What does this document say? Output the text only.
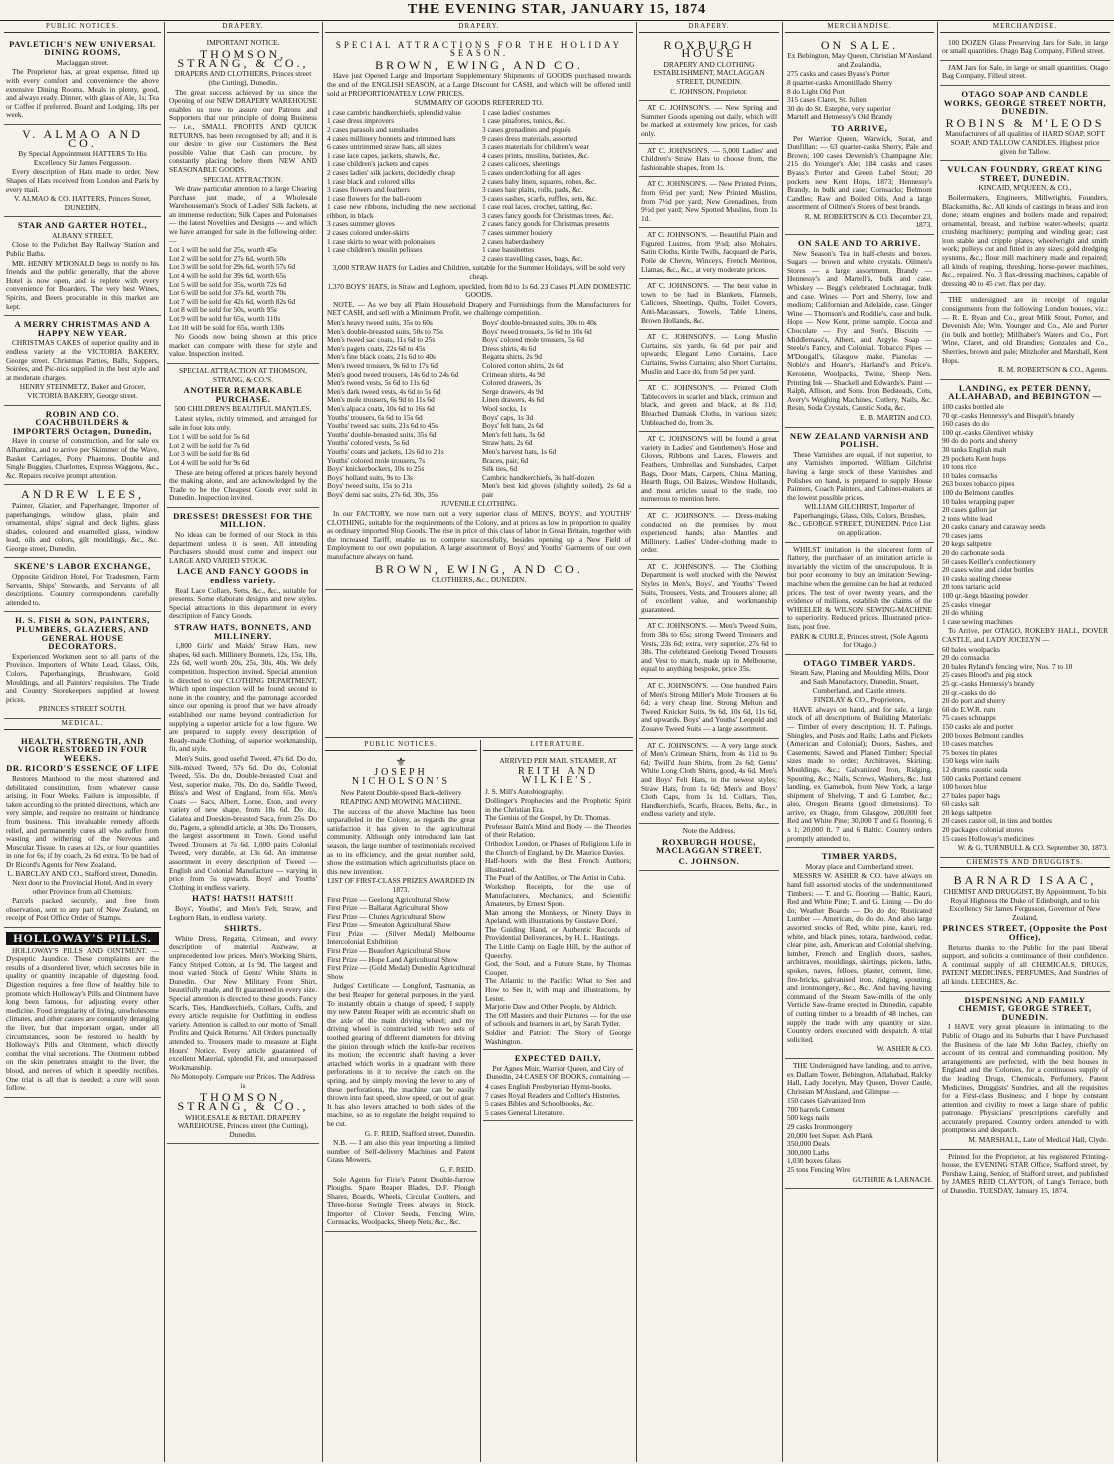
THE EVENING STAR, JANUARY 15, 1874
PUBLIC NOTICES.
PAVLETICH'S NEW UNIVERSAL DINING ROOMS,

Maclaggan street.

The Proprietor has, at great expense, fitted up with every comfort and convenience the above extensive Dining Rooms. Meals in plenty, good, and always ready. Dinner, with glass of Ale, 1s; Tea or Coffee if preferred. Board and Lodging, 18s per week.

V. ALMAO AND CO.

By Special Appointment HATTERS To His Excellency Sir James Fergusson.

Every description of Hats made to order. New Shapes of Hats received from London and Paris by every mail.

V. ALMAO & CO. HATTERS, Princes Street, DUNEDIN.

STAR AND GARTER HOTEL,

ALBANY STREET,

Close to the Polichet Bay Railway Station and Public Baths.

MR. HENRY M'DONALD begs to notify to his friends and the public generally, that the above Hotel is now open, and is replete with every convenience for Boarders. The very best Wines, Spirits, and Beers procurable in this market are kept.

A MERRY CHRISTMAS AND A HAPPY NEW YEAR.

CHRISTMAS CAKES of superior quality and in endless variety at the VICTORIA BAKERY, George street. Christmas Parties, Balls, Suppers, Soirées, and Pic-nics supplied in the best style and at moderate charges.

HENRY STEINMETZ, Baker and Grocer, VICTORIA BAKERY, George street.

ROBIN AND CO. COACHBUILDERS & IMPORTERS Octagon, Dunedin,

Have in course of construction, and for sale ex Alhambra, and to arrive per Skimmer of the Wave, Basket Carriages, Pony Phaetons, Double and Single Buggies, Charlottes, Express Waggons, &c., &c. Repairs receive prompt attention.

ANDREW LEES,

Painter, Glazier, and Paperhanger, Importer of paperhangings, window glass, plain and ornamental, ships' signal and deck lights, glass shades, coloured and enamelled glass, window lead, oils and colors, gilt mouldings, &c., &c. George street, Dunedin.

SKENE'S LABOR EXCHANGE,

Opposite Gridiron Hotel, For Tradesmen, Farm Servants, Ships' Stewards, and Servants of all descriptions. Country correspondents carefully attended to.

H. S. FISH & SON, PAINTERS, PLUMBERS, GLAZIERS, AND GENERAL HOUSE DECORATORS.

Experienced Workmen sent to all parts of the Province. Importers of White Lead, Glass, Oils, Colors, Paperhangings, Brushware, Gold Mouldings, and all Painters' requisites. The Trade and Country Storekeepers supplied at lowest prices.

PRINCES STREET SOUTH.

MEDICAL.
HEALTH, STRENGTH, AND VIGOR RESTORED IN FOUR WEEKS.
DR. RICORD'S ESSENCE OF LIFE

Restores Manhood to the most shattered and debilitated constitution, from whatever cause arising, in Four Weeks. Failure is impossible, if taken according to the printed directions, which are very simple, and require no restraint or hindrance from business. This invaluable remedy affords relief, and permanently cures all who suffer from wasting and withering of the Nervous and Muscular Tissue. In cases at 12s, or four quantities in one for 6s; if by coach, 2s 6d extra. To be had of Dr Ricord's Agents for New Zealand,

L. BARCLAY AND CO., Stafford street, Dunedin. Next door to the Provincial Hotel, And in every other Province from all Chemists.

Parcels packed securely, and free from observation, sent to any part of New Zealand, on receipt of Post Office Order of Stamps.

HOLLOWAY'S PILLS.

HOLLOWAY'S PILLS AND OINTMENT. — Dyspeptic Jaundice. These complaints are the results of a disordered liver, which secretes bile in quality or quantity incapable of digesting food. Digestion requires a free flow of healthy bile to promote which Holloway's Pills and Ointment have long been famous, for adjusting every other medicine. Food irregularity of living, unwholesome climates, and other causes are constantly deranging the liver, but that important organ, under all circumstances, soon be restored to health by Holloway's Pills and Ointment, which directly combat the vital secretions. The Ointment rubbed on the skin penetrates straight to the liver, the blood, and nerves of which it speedily rectifies. One trial is all that is needed; a cure will soon follow.

DRAPERY.

IMPORTANT NOTICE.

THOMSON, STRANG, & CO.,

DRAPERS AND CLOTHIERS, Princes street (the Cutting), Dunedin.

The great success achieved by us since the Opening of our NEW DRAPERY WAREHOUSE enables us now to assure our Patrons and Supporters that our principle of doing Business — i.e., SMALL PROFITS AND QUICK RETURNS, has been recognised by all; and it is our desire to give our Customers the Best possible Value that Cash can procure, by constantly placing before them NEW AND SEASONABLE GOODS.

SPECIAL ATTRACTION.

We draw particular attention to a large Clearing Purchase just made, of a Wholesale Warehouseman's Stock of Ladies' Silk Jackets, at an immense reduction; Silk Capes and Polonaises — the latest Novelties and Designs — and which we have arranged for sale in the following order: —

Lot 1 will be sold for 25s, worth 45s

Lot 2 will be sold for 27s 6d, worth 50s

Lot 3 will be sold for 29s 6d, worth 57s 6d

Lot 4 will be sold for 39s 6d, worth 65s

Lot 5 will be sold for 35s, worth 72s 6d

Lot 6 will be sold for 37s 6d, worth 70s

Lot 7 will be sold for 42s 6d, worth 82s 6d

Lot 8 will be sold for 50s, worth 95s

Lot 9 will be sold for 65s, worth 110s

Lot 10 will be sold for 65s, worth 130s

No Goods now being shown at this price market can compare with these for style and value. Inspection invited.

SPECIAL ATTRACTION AT THOMSON, STRANG, & CO.'S.

ANOTHER REMARKABLE PURCHASE.

500 CHILDREN'S BEAUTIFUL MANTLES,

Latest styles, richly trimmed, and arranged for sale in four lots only.

Lot 1 will be sold for 5s 6d

Lot 2 will be sold for 7s 6d

Lot 3 will be sold for 8s 6d

Lot 4 will be sold for 9s 6d

These are being offered at prices barely beyond the making alone, and are acknowledged by the Trade to be the Cheapest Goods ever sold in Dunedin. Inspection invited.

DRESSES! DRESSES! FOR THE MILLION.

No ideas can be formed of our Stock in this department unless it is seen. All intending Purchasers should most come and inspect our LARGE AND VARIED STOCK.

LACE AND FANCY GOODS in endless variety.

Real Lace Collars, Setts, &c., &c., suitable for presents. Some elaborate designs and new styles. Special attractions in this department in every description of Fancy Goods.

STRAW HATS, BONNETS, AND MILLINERY.

1,800 Girls' and Maids' Straw Hats, new shapes, 6d each. Millinery Bonnets, 12s, 15s, 18s, 22s 6d, well worth 20s, 25s, 30s, 40s. We defy competition. Inspection invited. Special attention is directed to our CLOTHING DEPARTMENT, Which upon inspection will be found second to none in the country, and the patronage accorded since our opening is proof that we have already established our name beyond contradiction for supplying a superior article for a low figure. We are prepared to supply every description of Ready-made Clothing, of superior workmanship, fit, and style.

Men's Suits, good useful Tweed, 47s 6d. Do do, Silk-mixed Tweed, 57s 6d. Do do, Colonial Tweed, 55s. Do do, Double-breasted Coat and Vest, superior make, 70s. Do do, Saddle Tweed, Bliss's and West of England, from 65s. Men's Coats — Sacs, Albert, Lorne, Eton, and every variety of new shape, from 10s 6d. Do do, Galatea and Doeskin-breasted Saca, from 25s. Do do, Pagets, a splendid article, at 30s. Do Trousers, the largest assortment in Town. Good useful Tweed Trousers at 7s 6d. 1,000 pairs Colonial Tweed, very durable, at 13s 6d. An immense assortment in every description of Tweed — English and Colonial Manufacture — varying in price from 5s upwards. Boys' and Youths' Clothing in endless variety.

HATS! HATS!! HATS!!!

Boys', Youths', and Men's Felt, Straw, and Leghorn Hats, in endless variety.

SHIRTS.

White Dress, Regatta, Crimean, and every description of material Anzwaw, at unprecedented low prices. Men's Working Shirts, Fancy Striped Cotton, at 1s 9d. The largest and most varied Stock of Gents' White Shirts in Dunedin. Our New Military Front Shirt, beautifully made, and fit guaranteed in every size. Special attention is directed to these goods. Fancy Scarfs, Ties, Handkerchiefs, Collars, Cuffs, and every article requisite for Outfitting in endless variety. Attention is called to our motto of 'Small Profits and Quick Returns.' All Orders punctually attended to. Trousers made to measure at Eight Hours' Notice. Every article guaranteed of excellent Material, splendid Fit, and unsurpassed Workmanship.

No Monopoly. Compare our Prices. The Address is

THOMSON, STRANG, & CO.,

WHOLESALE & RETAIL DRAPERY WAREHOUSE, Princes street (the Cutting), Dunedin.

DRAPERY.
SPECIAL ATTRACTIONS FOR THE HOLIDAY SEASON.
BROWN, EWING, AND CO.

Have just Opened Large and Important Supplementary Shipments of GOODS purchased towards the end of the ENGLISH SEASON, at a Large Discount for CASH, and which will be offered until sold at PROPORTIONATELY LOW PRICES.

SUMMARY OF GOODS REFERRED TO.

1 case cambric handkerchiefs, splendid value

1 case dress improvers

2 cases parasols and sunshades

4 cases millinery bonnets and trimmed hats

6 cases untrimmed straw hats, all sizes

1 case lace capes, jackets, shawls, &c.

1 case children's jackets and capes

2 cases ladies' silk jackets, decidedly cheap

1 case black and colored silks

3 cases flowers and feathers

1 case flowers for the ball-room

1 case new ribbons, including the new sectional ribbon, in black

3 cases summer gloves

2 cases colored under-skirts

1 case skirts to wear with polonaises

1 case children's muslin pelisses

1 case ladies' costumes

1 case pinafores, tunics, &c.

3 cases grenadines and piqués

9 cases dress materials, assorted

3 cases materials for children's wear

4 cases prints, muslins, batistes, &c.

2 cases calicoes, sheetings

5 cases underclothing for all ages

2 cases baby linen, squares, robes, &c.

3 cases hair plaits, rolls, pads, &c.

3 cases sashes, scarfs, ruffles, sets, &c.

1 case real laces, crochet, tatting, &c.

3 cases fancy goods for Christmas trees, &c.

2 cases fancy goods for Christmas presents

7 cases summer hosiery

2 cases haberdashery

1 case bassinettes

2 cases travelling cases, bags, &c.

3,000 STRAW HATS for Ladies and Children, suitable for the Summer Holidays, will be sold very cheap.

1,370 BOYS' HATS, in Straw and Leghorn, speckled, from 8d to 1s 6d. 23 Cases PLAIN DOMESTIC GOODS.

NOTE. — As we buy all Plain Household Drapery and Furnishings from the Manufacturers for NET CASH, and sell with a Minimum Profit, we challenge competition.

Men's heavy tweed suits, 35s to 60s

Men's double-breasted suits, 50s to 75s

Men's tweed sac coats, 11s 6d to 25s

Men's pagets coats, 22s 6d to 45s

Men's fine black coats, 21s 6d to 40s

Men's tweed trousers, 9s 6d to 17s 6d

Men's good tweed trousers, 14s 6d to 24s 6d

Men's tweed vests, 5s 6d to 11s 6d

Men's dark tweed vests, 4s 6d to 5s 6d

Men's mole trousers, 6s 9d to 11s 6d

Men's alpaca coats, 10s 6d to 16s 6d

Youths' trousers, 6s 6d to 15s 6d

Youths' tweed sac suits, 21s 6d to 45s

Youths' double-breasted suits, 35s 6d

Youths' colored vests, 5s 6d

Youths' coats and jackets, 12s 6d to 21s

Youths' colored mole trousers, 7s

Boys' knickerbockers, 10s to 25s

Boys' holland suits, 9s to 13s

Boys' tweed suits, 15s to 21s

Boys' demi sac suits, 27s 6d, 30s, 35s

Boys' double-breasted suits, 30s to 40s

Boys' tweed trousers, 5s 6d to 10s 6d

Boys' colored mole trousers, 5s 6d

Dress shirts, 4s 6d

Regatta shirts, 2s 9d

Colored cotton shirts, 2s 6d

Crimean shirts, 4s 9d

Colored drawers, 3s

Serge drawers, 4s 9d

Linen drawers, 4s 6d

Wool socks, 1s

Boys' caps, 1s 3d

Boys' felt hats, 2s 6d

Men's felt hats, 3s 6d

Straw hats, 2s 6d

Men's harvest hats, 1s 6d

Braces, pair, 6d

Silk ties, 6d

Cambric handkerchiefs, 3s half-dozen

Men's best kid gloves (slightly soiled), 2s 6d a pair

JUVENILE CLOTHING.

In our FACTORY, we now turn out a very superior class of MEN'S, BOYS', and YOUTHS' CLOTHING, suitable for the requirements of the Colony, and at prices as low in proportion to quality as ordinary imported Slop Goods. The rise in price of this class of labor in Great Britain, together with the increased Tariff, enable us to compete successfully, besides opening up a New Field of Employment to our own population. A large assortment of Boys' and Youths' Garments of our own manufacture always on hand.

BROWN, EWING, AND CO.

CLOTHIERS, &c., DUNEDIN.

PUBLIC NOTICES.
⚜
JOSEPH NICHOLSON'S

New Patent Double-speed Back-delivery REAPING AND MOWING MACHINE.

The success of the above Machine has been unparalleled in the Colony, as regards the great satisfaction it has given to the agricultural community. Although only introduced late last season, the large number of testimonials received as to its efficiency, and the great number sold, show the estimation which agriculturists place on this new invention.

LIST OF FIRST-CLASS PRIZES AWARDED IN 1873.

First Prize — Geelong Agricultural Show

First Prize — Ballarat Agricultural Show

First Prize — Clunes Agricultural Show

First Prize — Smeaton Agricultural Show

First Prize — (Silver Medal) Melbourne Intercolonial Exhibition

First Prize — Beaufort Agricultural Show

First Prize — Hope Land Agricultural Show

First Prize — (Gold Medal) Dunedin Agricultural Show

Judges' Certificate — Longford, Tasmania, as the best Reaper for general purposes in the yard. To instantly obtain a change of speed, I supply my new Patent Reaper with an eccentric shaft on the axle of the main driving wheel; and my driving wheel is constructed with two sets of toothed gearing of different diameters for driving the pinion through which the knife-bar receives its motion; the eccentric shaft having a lever attached which works in a quadrant with three perforations in it to receive the catch on the spring, and by simply moving the lever to any of these perforations, the machine can be easily thrown into fast speed, slow speed, or out of gear. It has also levers attached to both sides of the machine, so as to regulate the height required to be cut.

G. F. REID, Stafford street, Dunedin.

N.B. — I am also this year importing a limited number of Self-delivery Machines and Patent Grass Mowers.

G. F. REID.

Sole Agents for Firie's Patent Double-furrow Ploughs. Spare Reaper Blades, D.F. Plough Shares, Boards, Wheels, Circular Coulters, and Three-horse Swingle Trees always in Stock. Importer of Clover Seeds, Fencing Wire, Cornsacks, Woolpacks, Sheep Nets, &c., &c.

LITERATURE.

ARRIVED PER MAIL STEAMER, AT

REITH AND WILKIE'S.

J. S. Mill's Autobiography.

Dollinger's Prophecies and the Prophetic Spirit in the Christian Era.

The Genius of the Gospel, by Dr. Thomas.

Professor Bain's Mind and Body — the Theories of their Relation.

Orthodox London, or Phases of Religious Life in the Church of England, by Dr. Maurice Davies.

Half-hours with the Best French Authors; illustrated.

The Pearl of the Antilles, or The Artist in Cuba.

Workshop Receipts, for the use of Manufacturers, Mechanics, and Scientific Amateurs, by Ernest Spon.

Man among the Monkeys, or Ninety Days in Apeland, with illustrations by Gustave Doré.

The Guiding Hand, or Authentic Records of Providential Deliverances, by H. L. Hastings.

The Little Camp on Eagle Hill, by the author of Queechy.

God, the Soul, and a Future State, by Thomas Cooper.

The Atlantic to the Pacific: What to See and How to See it, with map and illustrations, by Lester.

Marjorie Daw and Other People, by Aldrich.

The Off Masters and their Pictures — for the use of schools and learners in art, by Sarah Tytler.

Soldier and Patriot: The Story of George Washington.

EXPECTED DAILY,

Per Agnes Muir, Warrior Queen, and City of Dunedin, 24 CASES OF BOOKS, containing —

4 cases English Presbyterian Hymn-books.

7 cases Royal Readers and Collier's Histories.

5 cases Bibles and Schoolbooks, &c.

5 cases General Literature.

DRAPERY.
ROXBURGH HOUSE

DRAPERY AND CLOTHING ESTABLISHMENT, MACLAGGAN STREET, DUNEDIN.

C. JOHNSON, Proprietor.

AT C. JOHNSON'S. — New Spring and Summer Goods opening out daily, which will be marked at extremely low prices, for cash only.

AT C. JOHNSON'S. — 5,000 Ladies' and Children's Straw Hats to choose from, the fashionable shapes, from 1s.

AT C. JOHNSON'S. — New Printed Prints, from 6½d per yard; New Printed Muslins, from 7½d per yard; New Grenadines, from 9½d per yard; New Spotted Muslins, from 1s 1d.

AT C. JOHNSON'S. — Beautiful Plain and Figured Lustres, from 9½d; also Mohairs, Satin Cloths, Kirtle Twills, Jacquard de Paris, Poile de Chevre, Winceys, French Merinos, Llamas, &c., &c., at very moderate prices.

AT C. JOHNSON'S. — The best value in town to be had in Blankets, Flannels, Calicoes, Sheetings, Quilts, Toilet Covers, Anti-Macassars, Towels, Table Linens, Brown Hollands, &c.

AT C. JOHNSON'S. — Long Muslin Curtains, six yards, 6s 6d per pair and upwards; Elegant Leno Curtains, Lace Curtains, Swiss Curtains; also Short Curtains, Muslin and Lace do, from 5d per yard.

AT C. JOHNSON'S. — Printed Cloth Tablecovers in scarlet and black, crimson and black, and green and black, at 8s 11d; Bleached Damask Cloths, in various sizes; Unbleached do, from 3s.

AT C. JOHNSON'S will be found a great variety in Ladies' and Gentlemen's Hose and Gloves, Ribbons and Laces, Flowers and Feathers, Umbrellas and Sunshades, Carpet Bags, Door Mats, Carpets, China Matting, Hearth Rugs, Oil Baizes, Window Hollands, and most articles usual to the trade, too numerous to mention here.

AT C. JOHNSON'S. — Dress-making conducted on the premises by most experienced hands; also Mantles and Millinery. Ladies' Under-clothing made to order.

AT C. JOHNSON'S. — The Clothing Department is well stocked with the Newest Styles in Men's, Boys', and Youths' Tweed Suits, Trousers, Vests, and Trousers alone; all of excellent value, and workmanship guaranteed.

AT C. JOHNSON'S. — Men's Tweed Suits, from 38s to 65s; strong Tweed Trousers and Vests, 23s 6d; extra, very superior, 27s 6d to 38s. The celebrated Geelong Tweed Trousers and Vest to match, made up in Melbourne, equal to anything bespoke, price 35s.

AT C. JOHNSON'S. — One hundred Pairs of Men's Strong Miller's Mole Trousers at 6s 6d; a very cheap line. Strong Melton and Tweed Knicker Suits, 9s 6d, 10s 6d, 11s 6d, and upwards. Boys' and Youths' Leopold and Zouave Tweed Suits — a large assortment.

AT C. JOHNSON'S. — A very large stock of Men's Crimean Shirts, from 4s 11d to 9s 6d; Twill'd Jean Shirts, from 2s 6d; Gents' White Long Cloth Shirts, good, 4s 6d. Men's and Boys' Felt Hats, in the newest styles; Straw Hats, from 1s 6d; Men's and Boys' Cloth Caps, from 1s 1d. Collars, Ties, Handkerchiefs, Scarfs, Braces, Belts, &c., in endless variety and style.

Note the Address.

ROXBURGH HOUSE, MACLAGGAN STREET.
C. JOHNSON.
MERCHANDISE.
ON SALE.

Ex Bebington, May Queen, Christian M'Ausland and Zealandia,

275 casks and cases Byass's Porter

8 quarter-casks Amontillado Sherry

8 do Light Old Port

315 cases Claret, St. Julien

30 do do St. Estephe, very superior

Martell and Hennessy's Old Brandy

TO ARRIVE,

Per Warrior Queen, Warwick, Surat, and Dunfillan: — 63 quarter-casks Sherry, Pale and Brown; 100 cases Devenish's Champagne Ale; 215 do Younger's Ale; 184 casks and cases Byass's Porter and Green Label Stout; 20 pockets new Kent Hops, 1873; Hennessy's Brandy, in bulk and case; Cornsacks; Belmont Candles; Raw and Boiled Oils. And a large assortment of Oilmen's Stores of best brands.

R. M. ROBERTSON & CO. December 23, 1873.

ON SALE AND TO ARRIVE.

New Season's Tea in half-chests and boxes. Sugars — brown and white crystals. Oilmen's Stores — a large assortment. Brandy — Hennessy's and Martell's, bulk and case. Whiskey — Begg's celebrated Lochnagar, bulk and case. Wines — Port and Sherry, low and medium; Californian and Adelaide, case. Ginger Wine — Thomson's and Roddie's, case and bulk. Hops — New Kent, prime sample. Cocoa and Chocolate — Fry and Son's. Biscuits — Middlemass's, Albert, and Argyle. Soap — Steele's Fancy, and Colonial. Tobacco Pipes — M'Dougall's, Glasgow make. Pianolas — Noble's and Hoare's, Harland's and Price's. Kerosene, Woolpacks, Twine, Sheep Nets. Printing Ink — Shackell and Edwards's. Paint — Ralph, Allison, and Sons. Iron Bedsteads, Cots, Avery's Weighing Machines, Cutlery, Nails, &c. Resin, Soda Crystals, Caustic Soda, &c.

E. B. MARTIN and CO.

NEW ZEALAND VARNISH AND POLISH.

These Varnishes are equal, if not superior, to any Varnishes imported. William Gilchrist having a large stock of these Varnishes and Polishes on hand, is prepared to supply House Painters, Coach Painters, and Cabinet-makers at the lowest possible prices.

WILLIAM GILCHRIST, Importer of Paperhangings, Glass, Oils, Colors, Brushes, &c., GEORGE STREET, DUNEDIN. Price List on application.

WHILST imitation is the sincerest form of flattery, the purchaser of an imitation article is invariably the victim of the unscrupulous. It is but poor economy to buy an imitation Sewing-machine when the genuine can be had at reduced prices. The test of over twenty years, and the evidence of millions, establish the claims of the WHEELER & WILSON SEWING-MACHINE to superiority. Reduced prices. Illustrated price-lists, post free.

PARK & CURLE, Princes street, (Sole Agents for Otago.)

OTAGO TIMBER YARDS.

Steam Saw, Planing and Moulding Mills, Door and Sash Manufactory, Dunedin, Stuart, Cumberland, and Castle streets.

FINDLAY & CO., Proprietors,

HAVE always on hand, and for sale, a large stock of all descriptions of Building Materials: — Timber of every description; H. T. Palings, Shingles, and Posts and Rails; Laths and Pickets (American and Colonial); Doors, Sashes, and Casements; Sawed and Planed Timber; Special sizes made to order; Architraves, Skirting, Mouldings, &c.; Galvanized Iron, Ridging, Spouting, &c.; Nails, Screws, Washers, &c. Just landing, ex Gamebok, from New York, a large shipment of Shelving, T and G Lumber, &c.; also, Oregon Beams (good dimensions). To arrive, ex Otago, from Glasgow, 200,000 feet Red and White Pine; 30,000 T and G flooring, 6 x 1; 20,000 ft. 7 and 6 Baltic. Country orders promptly attended to.

TIMBER YARDS,

Moray place and Cumberland street.

MESSRS W. ASHER & CO. have always on hand full assorted stocks of the undermentioned Timbers: — T. and G. flooring — Baltic, Kauri, Red and White Pine; T. and G. Lining — Do do do; Weather Boards — Do do do; Rusticated Lumber — American, do do do. And also large assorted stocks of Red, white pine, kauri, red, white, and black pines, totara, hardwood, cedar, clear pine, ash, American and Colonial shelving, lumber, French and English doors, sashes, architraves, mouldings, skirtings, pickets, laths, spokes, naves, felloes, plaster, cement, lime, fire-bricks, galvanised iron, ridging, spouting, and ironmongery, &c., &c. And having having command of the Steam Saw-mills of the only Verticle Saw-frame erected in Dunedin, capable of cutting timber to a breadth of 48 inches, can supply the trade with any quantity or size. Country orders executed with despatch. A trial solicited.

W. ASHER & CO.

THE Undersigned have landing, and to arrive, ex Dallam Tower, Bebington, Allahabad, Ralcky Hall, Lady Jocelyn, May Queen, Dover Castle, Christian M'Ausland, and Glimpse —

150 cases Galvanized Iron

700 barrels Cement

500 kegs nails

29 casks Ironmongery

20,000 feet Super. Ash Plank

350,000 Deals

300,000 Laths

1,030 boxes Glass

25 tons Fencing Wire

GUTHRIE & LARNACH.

MERCHANDISE.

100 DOZEN Glass Preserving Jars for Sale, in large or small quantities. Otago Bag Company, Filleul street.

JAM Jars for Sale, in large or small quantities. Otago Bag Company, Filleul street.

OTAGO SOAP AND CANDLE WORKS, GEORGE STREET NORTH, DUNEDIN.
ROBINS & M'LEODS

Manufacturers of all qualities of HARD SOAP, SOFT SOAP, AND TALLOW CANDLES. Highest price given for Tallow.

VULCAN FOUNDRY, GREAT KING STREET, DUNEDIN.

KINCAID, M'QUEEN, & CO.,

Boilermakers, Engineers, Millwrights, Founders, Blacksmiths, &c. All kinds of castings in brass and iron done; steam engines and boilers made and repaired; ornamental, breast, and turbine water-wheels; quartz crushing machinery; pumping and winding gear; cast iron stable and cripple plates; wheelwright and smith work; pulleys cut and fitted in any sizes; gold dredging systems, &c.; flour mill machinery made and repaired; all kinds of reaping, threshing, horse-power machines, &c., repaired. No. 3 flax-dressing machines, capable of dressing 40 to 45 cwt. flax per day.

THE undersigned are in receipt of regular consignments from the following London houses, viz.: — R. E. Ryan and Co., great Milk Stout, Porter, and Devenish Ale; Wm. Younger and Co., Ale and Porter (in bulk and bottle); Milfhaber's Waters and Co., Port Wine, Claret, and old Brandies; Gonzales and Co., Sherries, brown and pale; Mitzhofer and Marshall, Kent Hops.

R. M. ROBERTSON & CO., Agents.

LANDING, ex PETER DENNY, ALLAHABAD, and BEBINGTON —

100 casks bottled ale

70 qr.-casks Hennessy's and Bisquit's brandy

160 cases do do

100 qr.-casks Glenlivet whisky

90 do do ports and sherry

30 tanks English malt

29 pockets Kent hops

10 tons rice

10 bales cornsacks

263 boxes tobacco pipes

100 do Belmont candles

10 bales wrapping paper

20 cases gallon jar

2 tons white lead

20 casks canary and caraway seeds

70 cases jams

20 kegs saltpetre

20 do carbonate soda

50 cases Keiller's confectionery

20 cases wine and cider bottles

10 casks sealing cheese

20 tons tartaric acid

100 qr.-kegs blasting powder

25 casks vinegar

20 do whiting

1 case sewing machines

To Arrive, per OTAGO, ROKEBY HALL, DOVER CASTLE, and LADY JOCELYN —

60 bales woolpacks

20 do cornsacks

20 bales Ryland's fencing wire, Nos. 7 to 10

25 cases Blood's and pig stock

25 qr.-casks Hennessy's brandy

20 qr.-casks do do

20 do port and sherry

60 do E.W.R. rum

75 cases schnapps

150 casks ale and porter

200 boxes Belmont candles

10 cases matches

75 boxes tin plates

150 kegs wire nails

12 drums caustic soda

500 casks Portland cement

100 boxes blue

27 bales paper bags

60 casks salt

20 kegs saltpetre

20 cases castor oil, in tins and bottles

20 packages colonial stores

15 cases Holloway's medicines

W. & G. TURNBULL & CO. September 30, 1873.

CHEMISTS AND DRUGGISTS.
BARNARD ISAAC,

CHEMIST AND DRUGGIST, By Appointment, To his Royal Highness the Duke of Edinburgh, and to his Excellency Sir James Fergusson, Governor of New Zealand,

PRINCES STREET, (Opposite the Post Office),

Returns thanks to the Public for the past liberal support, and solicits a continuance of their confidence. A continual supply of all CHEMICALS, DRUGS, PATENT MEDICINES, PERFUMES, And Sundries of all kinds. LEECHES, &c.

DISPENSING AND FAMILY CHEMIST, GEORGE STREET, DUNEDIN.

I HAVE very great pleasure in intimating to the Public of Otago and its Suburbs that I have Purchased the Business of the late Mr John Bacley, chiefly on account of its central and commanding position. My arrangements are perfected, with the best houses in England and the Colonies, for a continuous supply of the leading Drugs, Chemicals, Perfumery, Patent Medicines, Druggists' Sundries, and all the requisites for a First-class Business; and I hope by constant attention and civility to meet a large share of public patronage. Physicians' prescriptions carefully and accurately prepared. Country orders attended to with promptness and despatch.

M. MARSHALL, Late of Medical Hall, Clyde.

Printed for the Proprietor, at his registered Printing-house, the EVENING STAR Office, Stafford street, by Pershaw Laing, Senior, of Stafford street, and published by JAMES REID CLAYTON, of Lang's Terrace, both of Dunedin. TUESDAY, January 15, 1874.
